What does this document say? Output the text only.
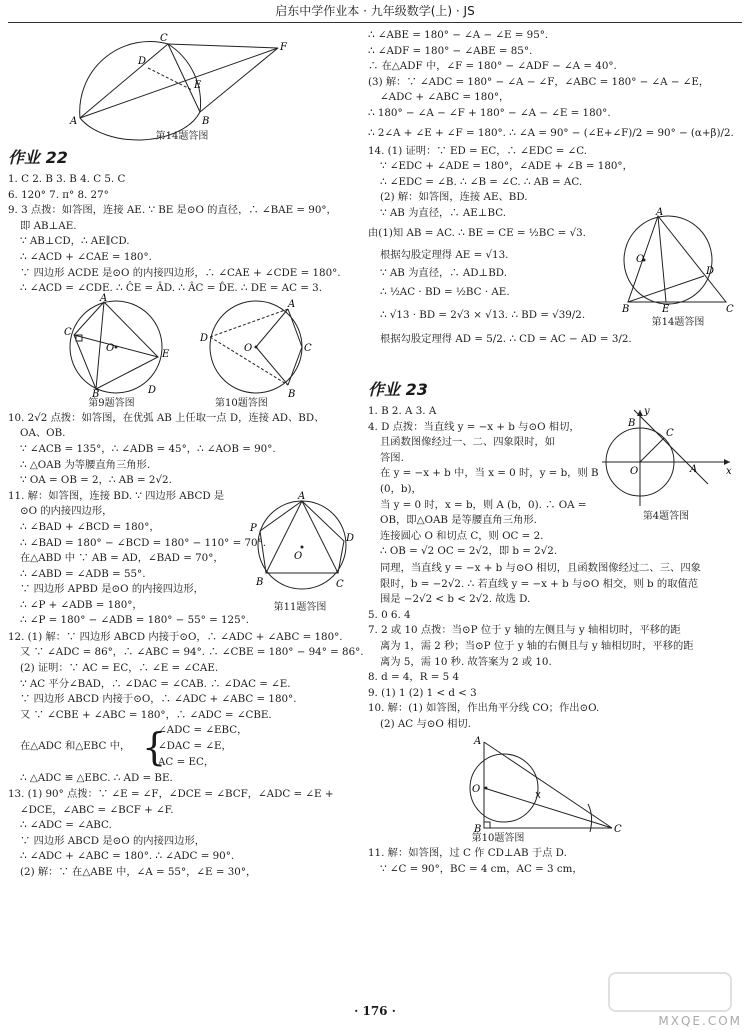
启东中学作业本 · 九年级数学(上) · JS
C
F
A
E
B
D
第14题答图
作业 22
1. C 2. B 3. B 4. C 5. C
6. 120° 7. π° 8. 27°
9. 3 点拨：如答图，连接 AE. ∵ BE 是⊙O 的直径，∴ ∠BAE = 90°，
即 AB⊥AE.
∵ AB⊥CD，∴ AE∥CD.
∴ ∠ACD + ∠CAE = 180°.
∵ 四边形 ACDE 是⊙O 的内接四边形，∴ ∠CAE + ∠CDE = 180°.
∴ ∠ACD = ∠CDE. ∴ ĈE = ÂD. ∴ ÂC = D̂E. ∴ DE = AC = 3.
A
C
O
E
B	D
A
D
C
O
B
第9题答图	第10题答图
10. 2√2 点拨：如答图，在优弧 AB 上任取一点 D，连接 AD、BD、
OA、OB.
∵ ∠ACB = 135°，∴ ∠ADB = 45°，∴ ∠AOB = 90°.
∴ △OAB 为等腰直角三角形.
∵ OA = OB = 2，∴ AB = 2√2.
11. 解：如答图，连接 BD. ∵ 四边形 ABCD 是
⊙O 的内接四边形，
∴ ∠BAD + ∠BCD = 180°，
∴ ∠BAD = 180° − ∠BCD = 180° − 110° = 70°.
在△ABD 中 ∵ AB = AD，∠BAD = 70°，
∴ ∠ABD = ∠ADB = 55°.
∵ 四边形 APBD 是⊙O 的内接四边形，
∴ ∠P + ∠ADB = 180°，
∴ ∠P = 180° − ∠ADB = 180° − 55° = 125°.
P
A
B
O
D
C
第11题答图
12. (1) 解：∵ 四边形 ABCD 内接于⊙O，∴ ∠ADC + ∠ABC = 180°.
又 ∵ ∠ADC = 86°，∴ ∠ABC = 94°. ∴ ∠CBE = 180° − 94° = 86°.
(2) 证明：∵ AC = EC，∴ ∠E = ∠CAE.
∵ AC 平分∠BAD，∴ ∠DAC = ∠CAB. ∴ ∠DAC = ∠E.
∵ 四边形 ABCD 内接于⊙O，∴ ∠ADC + ∠ABC = 180°.
又 ∵ ∠CBE + ∠ABC = 180°，∴ ∠ADC = ∠CBE.
在△ADC 和△EBC 中， {
∠ADC = ∠EBC，
∠DAC = ∠E，
AC = EC，
∴ △ADC ≌ △EBC. ∴ AD = BE.
13. (1) 90° 点拨：∵ ∠E = ∠F，∠DCE = ∠BCF，∠ADC = ∠E +
∠DCE，∠ABC = ∠BCF + ∠F.
∴ ∠ADC = ∠ABC.
∵ 四边形 ABCD 是⊙O 的内接四边形，
∴ ∠ADC + ∠ABC = 180°. ∴ ∠ADC = 90°.
(2) 解：∵ 在△ABE 中，∠A = 55°，∠E = 30°，
∴ ∠ABE = 180° − ∠A − ∠E = 95°.
∴ ∠ADF = 180° − ∠ABE = 85°.
∴ 在△ADF 中，∠F = 180° − ∠ADF − ∠A = 40°.
(3) 解：∵ ∠ADC = 180° − ∠A − ∠F，∠ABC = 180° − ∠A − ∠E，
∠ADC + ∠ABC = 180°，
∴ 180° − ∠A − ∠F + 180° − ∠A − ∠E = 180°.
∴ 2∠A + ∠E + ∠F = 180°. ∴ ∠A = 90° − (∠E+∠F)/2 = 90° − (α+β)/2.
14. (1) 证明：∵ ED = EC，∴ ∠EDC = ∠C.
∵ ∠EDC + ∠ADE = 180°，∠ADE + ∠B = 180°，
∴ ∠EDC = ∠B. ∴ ∠B = ∠C. ∴ AB = AC.
(2) 解：如答图，连接 AE、BD.
∵ AB 为直径，∴ AE⊥BC.
由(1)知 AB = AC. ∴ BE = CE = ½BC = √3.
根据勾股定理得 AE = √13.
∵ AB 为直径，∴ AD⊥BD.
∴ ½AC · BD = ½BC · AE.
∴ √13 · BD = 2√3 × √13. ∴ BD = √39/2.
根据勾股定理得 AD = 5/2. ∴ CD = AC − AD = 3/2.
A
O
D
B	E	C
第14题答图
作业 23
1. B 2. A 3. A
4. D 点拨：当直线 y = −x + b 与⊙O 相切，
且函数图像经过一、二、四象限时，如
答图.
在 y = −x + b 中，当 x = 0 时，y = b，则 B
(0，b)，
当 y = 0 时，x = b，则 A (b，0). ∴ OA =
OB，即△OAB 是等腰直角三角形.
连接圆心 O 和切点 C，则 OC = 2.
∴ OB = √2 OC = 2√2，即 b = 2√2.
y
B
C
O	A	x
第4题答图
同理，当直线 y = −x + b 与⊙O 相切，且函数图像经过二、三、四象
限时，b = −2√2. ∴ 若直线 y = −x + b 与⊙O 相交，则 b 的取值范
围是 −2√2 < b < 2√2. 故选 D.
5. 0 6. 4
7. 2 或 10 点拨：当⊙P 位于 y 轴的左侧且与 y 轴相切时，平移的距
离为 1，需 2 秒；当⊙P 位于 y 轴的右侧且与 y 轴相切时，平移的距
离为 5，需 10 秒. 故答案为 2 或 10.
8. d = 4，R = 5 4
9. (1) 1 (2) 1 < d < 3
10. 解：(1) 如答图，作出角平分线 CO；作出⊙O.
(2) AC 与⊙O 相切.
A
O
B	C
第10题答图
11. 解：如答图，过 C 作 CD⊥AB 于点 D.
∵ ∠C = 90°，BC = 4 cm，AC = 3 cm，
· 176 ·
MXQE.COM
